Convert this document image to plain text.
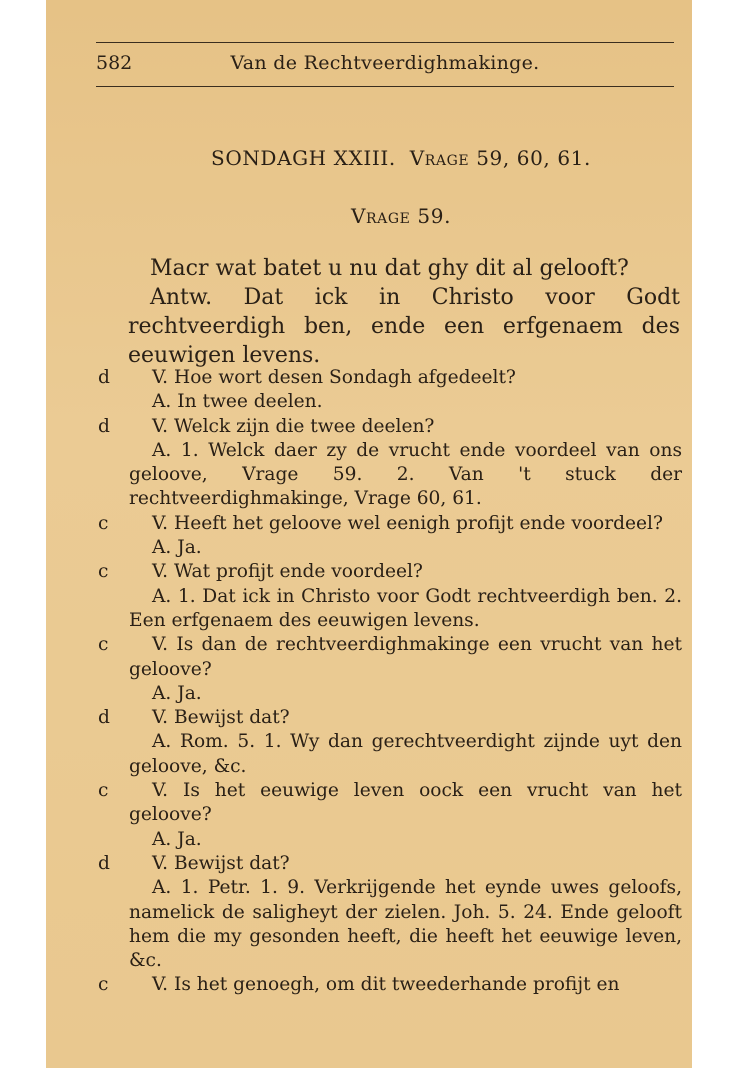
582	Van de Rechtveerdighmakinge.
SONDAGH XXIII. Vrage 59, 60, 61.
Vrage 59.
Macr wat batet u nu dat ghy dit al gelooft?
Antw. Dat ick in Christo voor Godt rechtveerdigh ben, ende een erfgenaem des eeuwigen levens.
d	V. Hoe wort desen Sondagh afgedeelt?
A. In twee deelen.
d	V. Welck zijn die twee deelen?
A. 1. Welck daer zy de vrucht ende voordeel van ons geloove, Vrage 59. 2. Van 't stuck der rechtveerdighmakinge, Vrage 60, 61.
c	V. Heeft het geloove wel eenigh profijt ende voordeel?
A. Ja.
c	V. Wat profijt ende voordeel?
A. 1. Dat ick in Christo voor Godt rechtveerdigh ben. 2. Een erfgenaem des eeuwigen levens.
c	V. Is dan de rechtveerdighmakinge een vrucht van het geloove?
A. Ja.
d	V. Bewijst dat?
A. Rom. 5. 1. Wy dan gerechtveerdight zijnde uyt den geloove, &c.
c	V. Is het eeuwige leven oock een vrucht van het geloove?
A. Ja.
d	V. Bewijst dat?
A. 1. Petr. 1. 9. Verkrijgende het eynde uwes geloofs, namelick de saligheyt der zielen. Joh. 5. 24. Ende gelooft hem die my gesonden heeft, die heeft het eeuwige leven, &c.
c	V. Is het genoegh, om dit tweederhande profijt en
